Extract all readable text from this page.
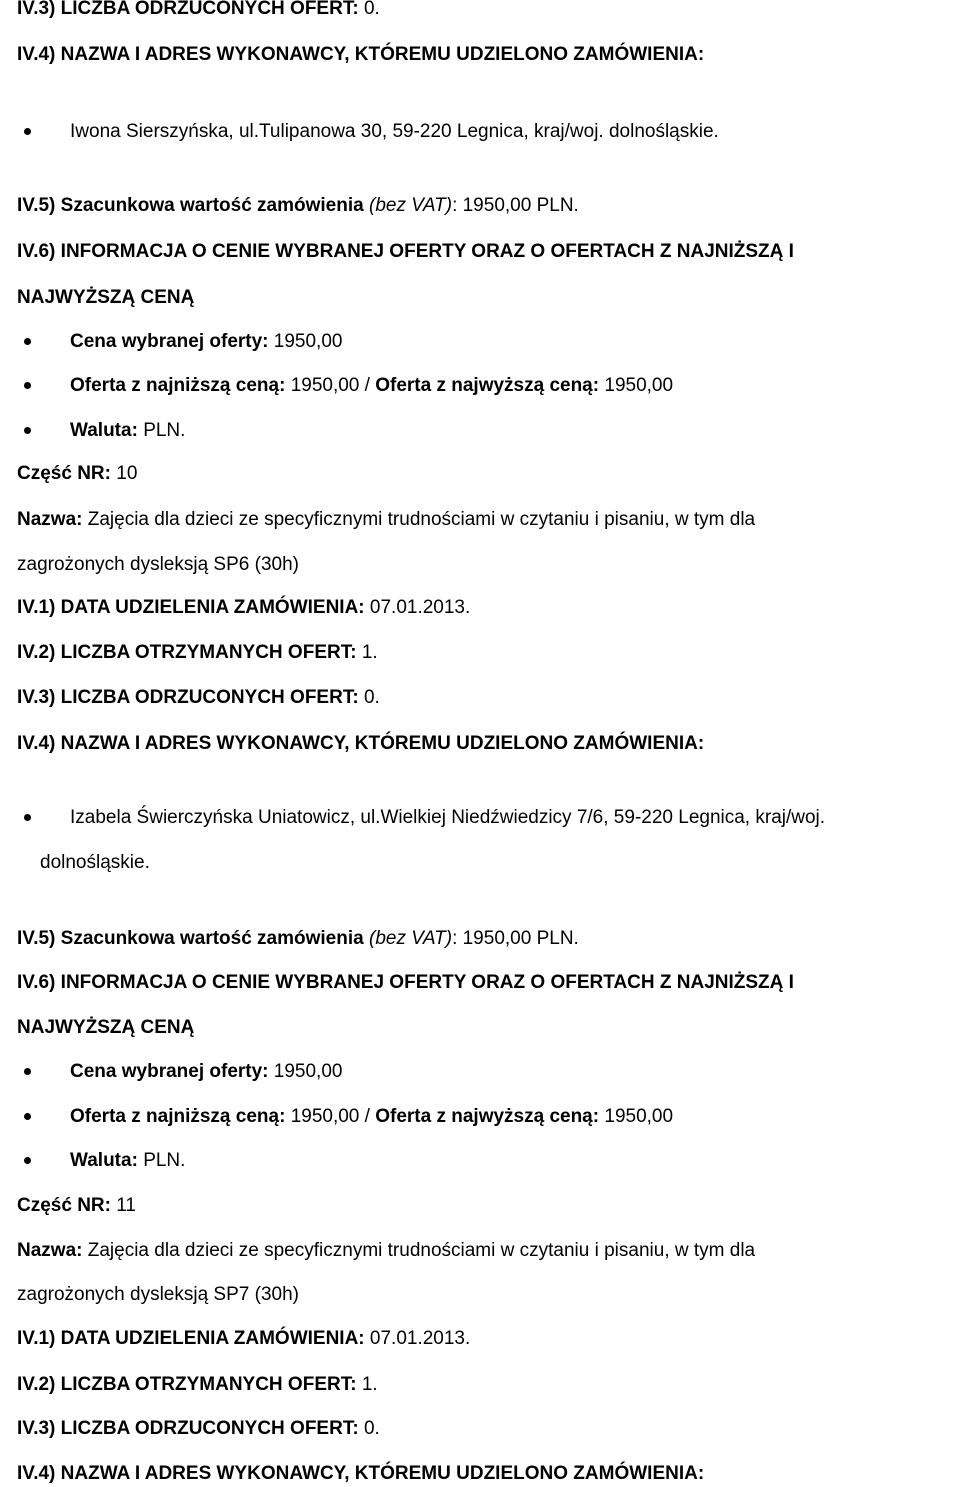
IV.3) LICZBA ODRZUCONYCH OFERT: 0.
IV.4) NAZWA I ADRES WYKONAWCY, KTÓREMU UDZIELONO ZAMÓWIENIA:
Iwona Sierszyńska, ul.Tulipanowa 30, 59-220 Legnica, kraj/woj. dolnośląskie.
IV.5) Szacunkowa wartość zamówienia (bez VAT): 1950,00 PLN.
IV.6) INFORMACJA O CENIE WYBRANEJ OFERTY ORAZ O OFERTACH Z NAJNIŻSZĄ I
NAJWYŻSZĄ CENĄ
Cena wybranej oferty: 1950,00
Oferta z najniższą ceną: 1950,00 / Oferta z najwyższą ceną: 1950,00
Waluta: PLN.
Część NR: 10
Nazwa: Zajęcia dla dzieci ze specyficznymi trudnościami w czytaniu i pisaniu, w tym dla
zagrożonych dysleksją SP6 (30h)
IV.1) DATA UDZIELENIA ZAMÓWIENIA: 07.01.2013.
IV.2) LICZBA OTRZYMANYCH OFERT: 1.
IV.3) LICZBA ODRZUCONYCH OFERT: 0.
IV.4) NAZWA I ADRES WYKONAWCY, KTÓREMU UDZIELONO ZAMÓWIENIA:
Izabela Świerczyńska Uniatowicz, ul.Wielkiej Niedźwiedzicy 7/6, 59-220 Legnica, kraj/woj.
dolnośląskie.
IV.5) Szacunkowa wartość zamówienia (bez VAT): 1950,00 PLN.
IV.6) INFORMACJA O CENIE WYBRANEJ OFERTY ORAZ O OFERTACH Z NAJNIŻSZĄ I
NAJWYŻSZĄ CENĄ
Cena wybranej oferty: 1950,00
Oferta z najniższą ceną: 1950,00 / Oferta z najwyższą ceną: 1950,00
Waluta: PLN.
Część NR: 11
Nazwa: Zajęcia dla dzieci ze specyficznymi trudnościami w czytaniu i pisaniu, w tym dla
zagrożonych dysleksją SP7 (30h)
IV.1) DATA UDZIELENIA ZAMÓWIENIA: 07.01.2013.
IV.2) LICZBA OTRZYMANYCH OFERT: 1.
IV.3) LICZBA ODRZUCONYCH OFERT: 0.
IV.4) NAZWA I ADRES WYKONAWCY, KTÓREMU UDZIELONO ZAMÓWIENIA:
